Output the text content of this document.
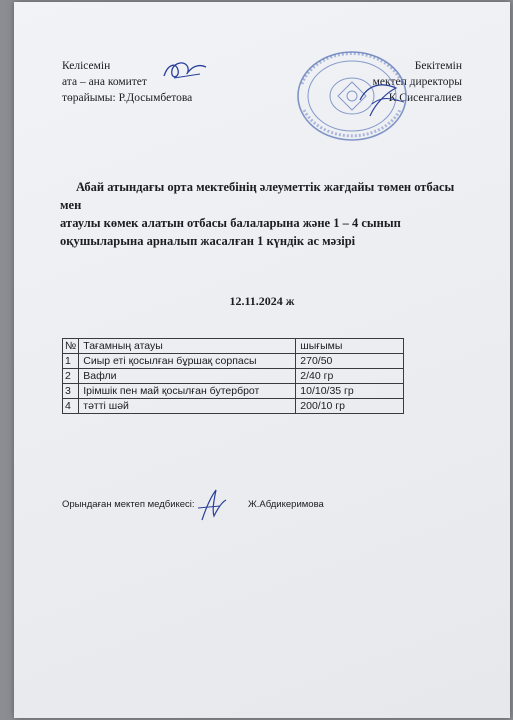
Келісемін
ата – ана комитет
төрайымы: Р.Досымбетова
Бекітемін
мектеп директоры
К.Сисенгалиев
Абай атындағы орта мектебінің әлеуметтік жағдайы төмен отбасы мен
атаулы көмек алатын отбасы балаларына және 1 – 4 сынып
оқушыларына арналып жасалған 1 күндік ас мәзірі
12.11.2024 ж
№	Тағамның атауы	шығымы
1	Сиыр еті қосылған бұршақ сорпасы	270/50
2	Вафли	2/40 гр
3	Ірімшік пен май қосылған бутерброт	10/10/35 гр
4	тәтті шәй	200/10 гр
Орындаған мектеп медбикесі:	Ж.Абдикеримова
